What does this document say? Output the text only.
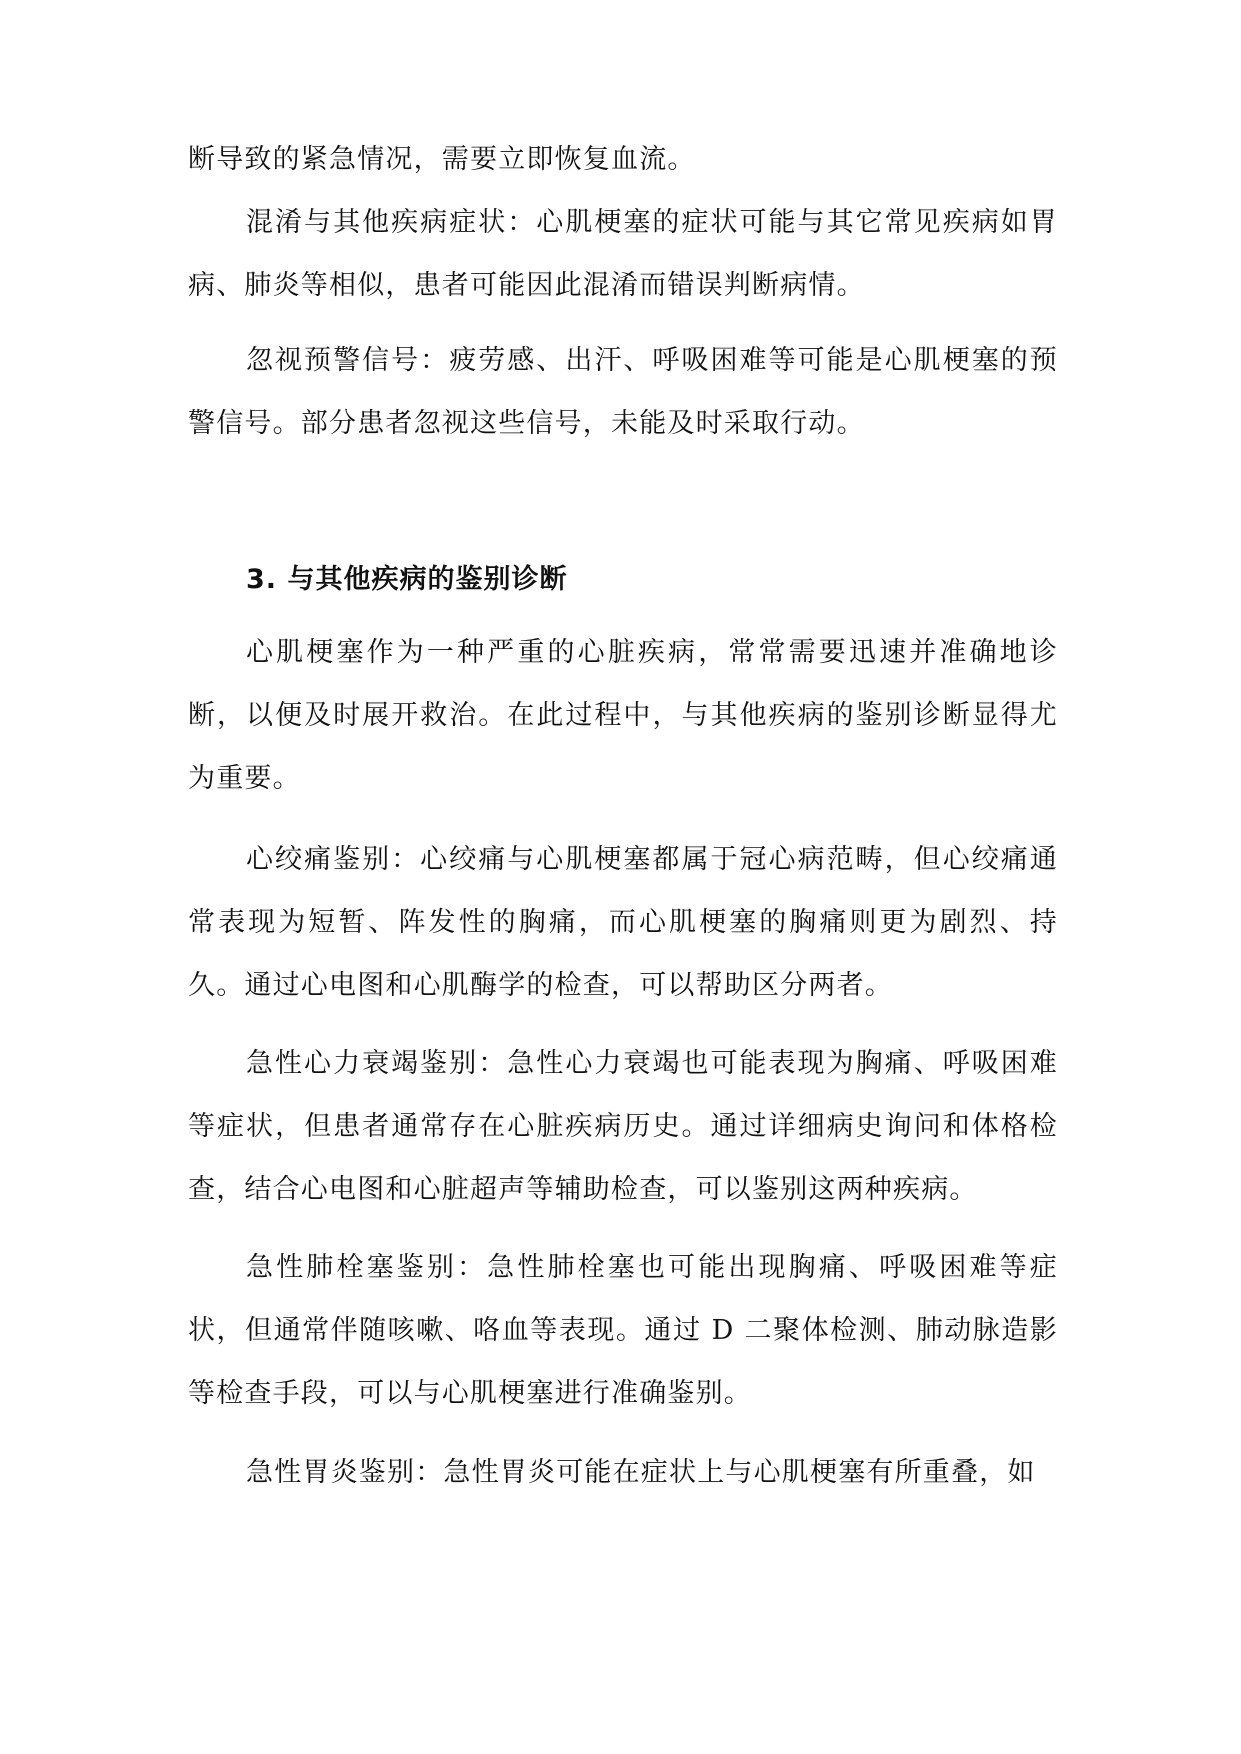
断导致的紧急情况，需要立即恢复血流。

混淆与其他疾病症状：心肌梗塞的症状可能与其它常见疾病如胃病、肺炎等相似，患者可能因此混淆而错误判断病情。

忽视预警信号：疲劳感、出汗、呼吸困难等可能是心肌梗塞的预警信号。部分患者忽视这些信号，未能及时采取行动。

3. 与其他疾病的鉴别诊断

心肌梗塞作为一种严重的心脏疾病，常常需要迅速并准确地诊断，以便及时展开救治。在此过程中，与其他疾病的鉴别诊断显得尤为重要。

心绞痛鉴别：心绞痛与心肌梗塞都属于冠心病范畴，但心绞痛通常表现为短暂、阵发性的胸痛，而心肌梗塞的胸痛则更为剧烈、持久。通过心电图和心肌酶学的检查，可以帮助区分两者。

急性心力衰竭鉴别：急性心力衰竭也可能表现为胸痛、呼吸困难等症状，但患者通常存在心脏疾病历史。通过详细病史询问和体格检查，结合心电图和心脏超声等辅助检查，可以鉴别这两种疾病。

急性肺栓塞鉴别：急性肺栓塞也可能出现胸痛、呼吸困难等症状，但通常伴随咳嗽、咯血等表现。通过 D 二聚体检测、肺动脉造影等检查手段，可以与心肌梗塞进行准确鉴别。

急性胃炎鉴别：急性胃炎可能在症状上与心肌梗塞有所重叠，如
